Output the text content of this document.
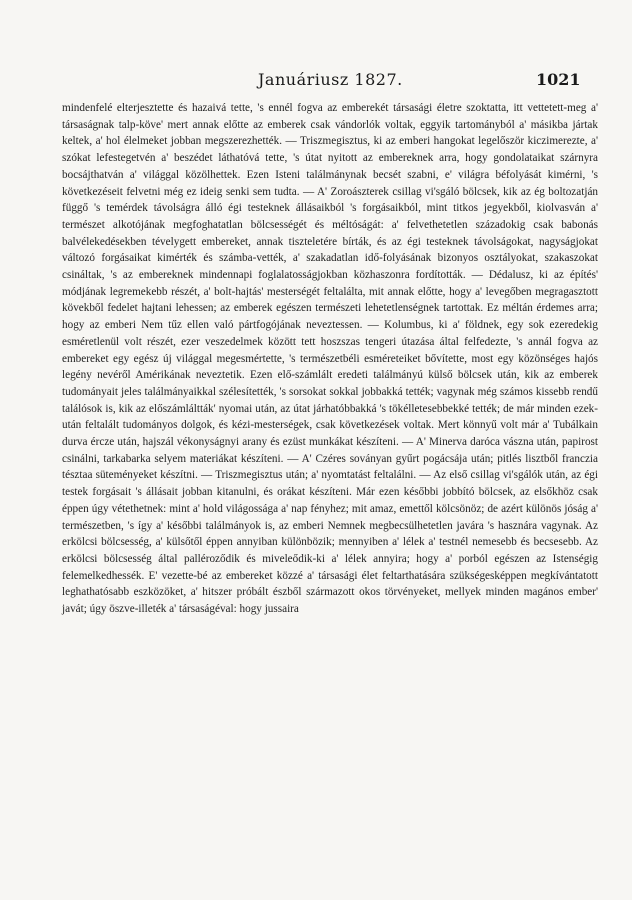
Januáriusz 1827.	1021
mindenfelé elterjesztette és hazaivá tette, 's ennél fogva az emberekét társasági életre szoktatta, itt vettetett-meg a' társaságnak talp-köve' mert annak előtte az emberek csak vándorlók voltak, eggyik tartományból a' másikba jártak keltek, a' hol élelmeket jobban megszerezhették. — Triszmegisztus, ki az emberi hangokat legelőször kiczimerezte, a' szókat lefestegetvén a' beszédet láthatóvá tette, 's útat nyitott az embereknek arra, hogy gondolataikat szárnyra bocsájthatván a' világgal közölhettek. Ezen Isteni találmánynak becsét szabni, e' világra béfolyását kimérni, 's következéseit felvetni még ez ideig senki sem tudta. — A' Zoroászterek csillag vi'sgáló bölcsek, kik az ég boltozatján függő 's temérdek távolságra álló égi testeknek állásaikból 's forgásaikból, mint titkos jegyekből, kiolvasván a' természet alkotójának megfoghatatlan bölcsességét és méltóságát: a' felvethetetlen századokig csak babonás balvélekedésekben tévelygett embereket, annak tiszteletére bírták, és az égi testeknek távolságokat, nagyságjokat változó forgásaikat kimérték és számba-vették, a' szakadatlan idő-folyásának bizonyos osztályokat, szakaszokat csináltak, 's az embereknek mindennapi foglalatosságjokban közhaszonra fordították. — Dédalusz, ki az építés' módjának legremekebb részét, a' bolt-hajtás' mesterségét feltalálta, mit annak előtte, hogy a' levegőben megragasztott kövekből fedelet hajtani lehessen; az emberek egészen természeti lehetetlenségnek tartottak. Ez méltán érdemes arra; hogy az emberi Nem tűz ellen való pártfogójának neveztessen. — Kolumbus, ki a' földnek, egy sok ezeredekig esméretlenül volt részét, ezer veszedelmek között tett hoszszas tengeri útazása által felfedezte, 's annál fogva az embereket egy egész új világgal megesmértette, 's természetbéli esméreteiket bővítette, most egy közönséges hajós legény nevéről Amérikának neveztetik. Ezen elő-számlált eredeti találmányú külső bölcsek után, kik az emberek tudományait jeles találmányaikkal szélesítették, 's sorsokat sokkal jobbakká tették; vagynak még számos kissebb rendű találósok is, kik az előszámláltták' nyomai után, az útat járhatóbbakká 's tökélletesebbekké tették; de már minden ezek-után feltalált tudományos dolgok, és kézi-mesterségek, csak következések voltak. Mert könnyű volt már a' Tubálkain durva ércze után, hajszál vékonyságnyi arany és ezüst munkákat készíteni. — A' Minerva daróca vászna után, papirost csinálni, tarkabarka selyem materiákat készíteni. — A' Czéres soványan gyűrt pogácsája után; pitlés lisztből franczia tésztaa süteményeket készítni. — Triszmegisztus után; a' nyomtatást feltalálni. — Az első csillag vi'sgálók után, az égi testek forgásait 's állásait jobban kitanulni, és orákat készíteni. Már ezen későbbi jobbító bölcsek, az elsőkhöz csak éppen úgy vétethetnek: mint a' hold világossága a' nap fényhez; mit amaz, emettől kölcsönöz; de azért különös jóság a' természetben, 's így a' későbbi találmányok is, az emberi Nemnek megbecsülhetetlen javára 's hasznára vagynak. Az erkölcsi bölcsesség, a' külsőtől éppen annyiban különbözik; mennyiben a' lélek a' testnél nemesebb és becsesebb. Az erkölcsi bölcsesség által palléroződik és miveleődik-ki a' lélek annyira; hogy a' porból egészen az Istenségig felemelkedhessék. E' vezette-bé az embereket közzé a' társasági élet feltarthatására szükségesképpen megkívántatott leghathatósabb eszközöket, a' hitszer próbált észből származott okos törvényeket, mellyek minden magános ember' javát; úgy öszve-illeték a' társaságéval: hogy jussaira
